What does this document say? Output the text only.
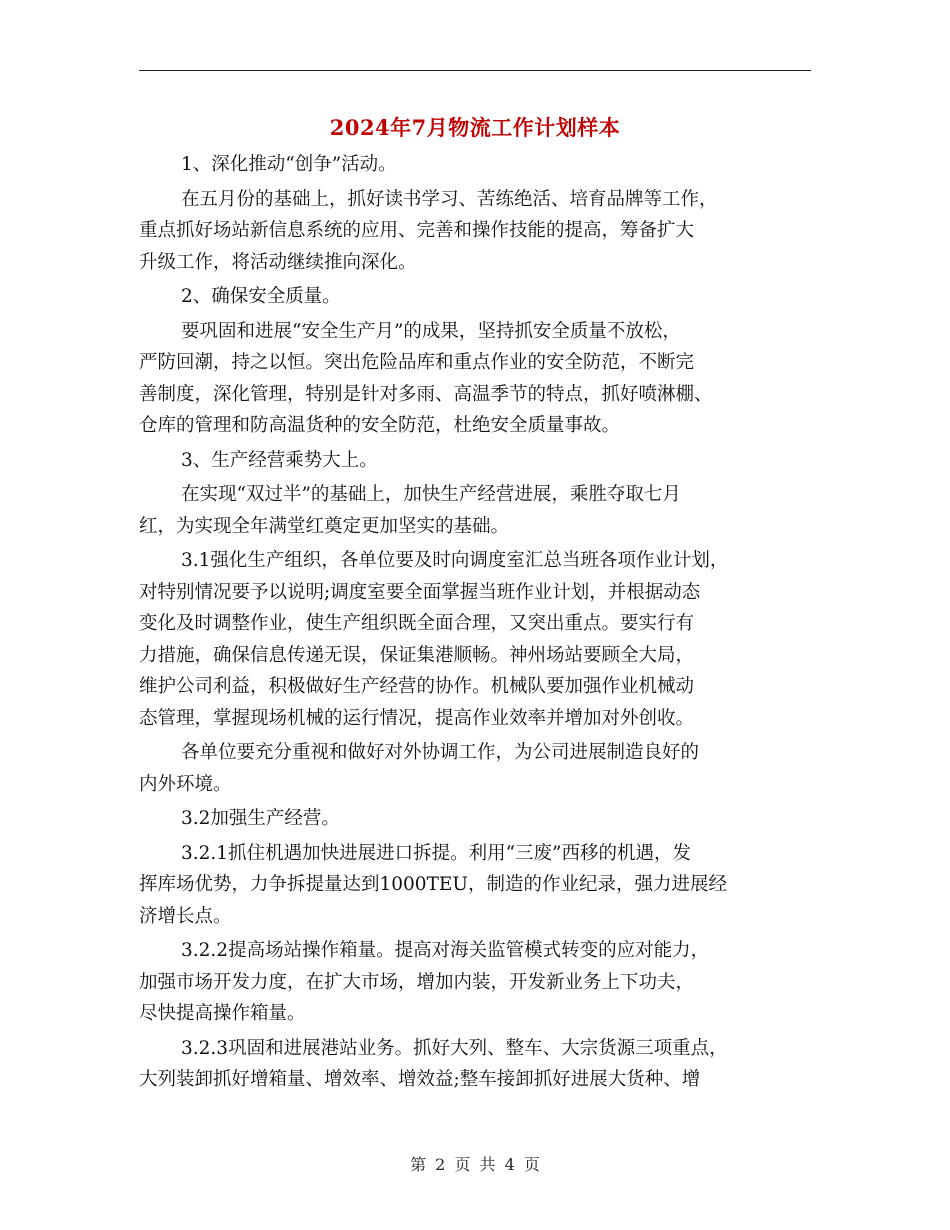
2024年7月物流工作计划样本

1、深化推动“创争”活动。

在五月份的基础上，抓好读书学习、苦练绝活、培育品牌等工作，
重点抓好场站新信息系统的应用、完善和操作技能的提高，筹备扩大
升级工作，将活动继续推向深化。

2、确保安全质量。

要巩固和进展“安全生产月”的成果，坚持抓安全质量不放松，
严防回潮，持之以恒。突出危险品库和重点作业的安全防范，不断完
善制度，深化管理，特别是针对多雨、高温季节的特点，抓好喷淋棚、
仓库的管理和防高温货种的安全防范，杜绝安全质量事故。

3、生产经营乘势大上。

在实现“双过半”的基础上，加快生产经营进展，乘胜夺取七月
红，为实现全年满堂红奠定更加坚实的基础。

3.1强化生产组织，各单位要及时向调度室汇总当班各项作业计划，
对特别情况要予以说明;调度室要全面掌握当班作业计划，并根据动态
变化及时调整作业，使生产组织既全面合理，又突出重点。要实行有
力措施，确保信息传递无误，保证集港顺畅。神州场站要顾全大局，
维护公司利益，积极做好生产经营的协作。机械队要加强作业机械动
态管理，掌握现场机械的运行情况，提高作业效率并增加对外创收。

各单位要充分重视和做好对外协调工作，为公司进展制造良好的
内外环境。

3.2加强生产经营。

3.2.1抓住机遇加快进展进口拆提。利用“三废”西移的机遇，发
挥库场优势，力争拆提量达到1000TEU，制造的作业纪录，强力进展经
济增长点。

3.2.2提高场站操作箱量。提高对海关监管模式转变的应对能力，
加强市场开发力度，在扩大市场，增加内装，开发新业务上下功夫，
尽快提高操作箱量。

3.2.3巩固和进展港站业务。抓好大列、整车、大宗货源三项重点，
大列装卸抓好增箱量、增效率、增效益;整车接卸抓好进展大货种、增

第 2 页 共 4 页
